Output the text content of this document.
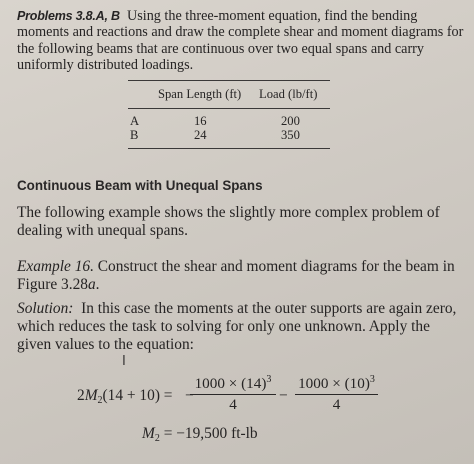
Problems 3.8.A, B Using the three-moment equation, find the bending moments and reactions and draw the complete shear and moment diagrams for the following beams that are continuous over two equal spans and carry uniformly distributed loadings.

Span Length (ft) Load (lb/ft)
A	16	200
B	24	350
Continuous Beam with Unequal Spans

The following example shows the slightly more complex problem of dealing with unequal spans.

Example 16. Construct the shear and moment diagrams for the beam in Figure 3.28a.

Solution: In this case the moments at the outer supports are again zero, which reduces the task to solving for only one unknown. Apply the given values to the equation:

I
$2M_2(14 + 10)$ = −
$1000 \times (14)^3$
4
−
$1000 \times (10)^3$
4
$M_2 = -19,500$ ft-lb
